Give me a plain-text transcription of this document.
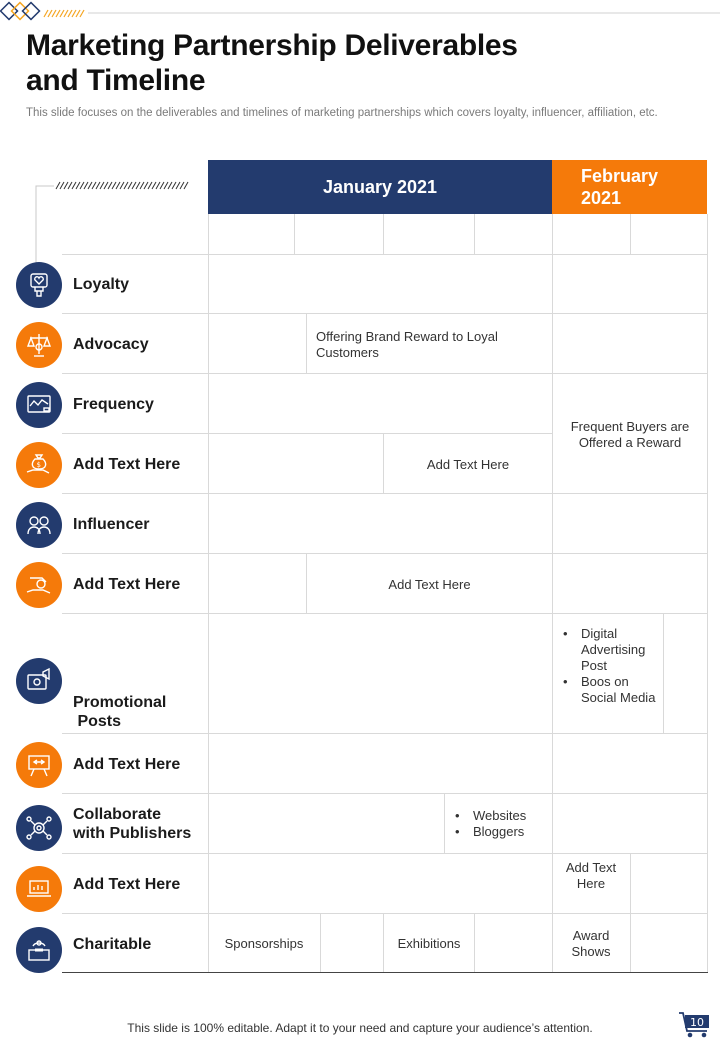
Marketing Partnership Deliverables
and Timeline
This slide focuses on the deliverables and timelines of marketing partnerships which covers loyalty, influencer, affiliation, etc.
January 2021
February
2021
$
Loyalty
Advocacy
Frequency
Add Text Here
Influencer
Add Text Here

Promotional
Posts

Add Text Here
Collaborate
with Publishers
Add Text Here
Charitable
Offering Brand Reward to Loyal
Customers
Frequent Buyers are
Offered a Reward
Add Text Here
Add Text Here
• Digital Advertising Post
• Boos on Social Media
• Websites
• Bloggers
Add Text
Here
Sponsorships	Exhibitions
Award
Shows
This slide is 100% editable. Adapt it to your need and capture your audience’s attention.	10
